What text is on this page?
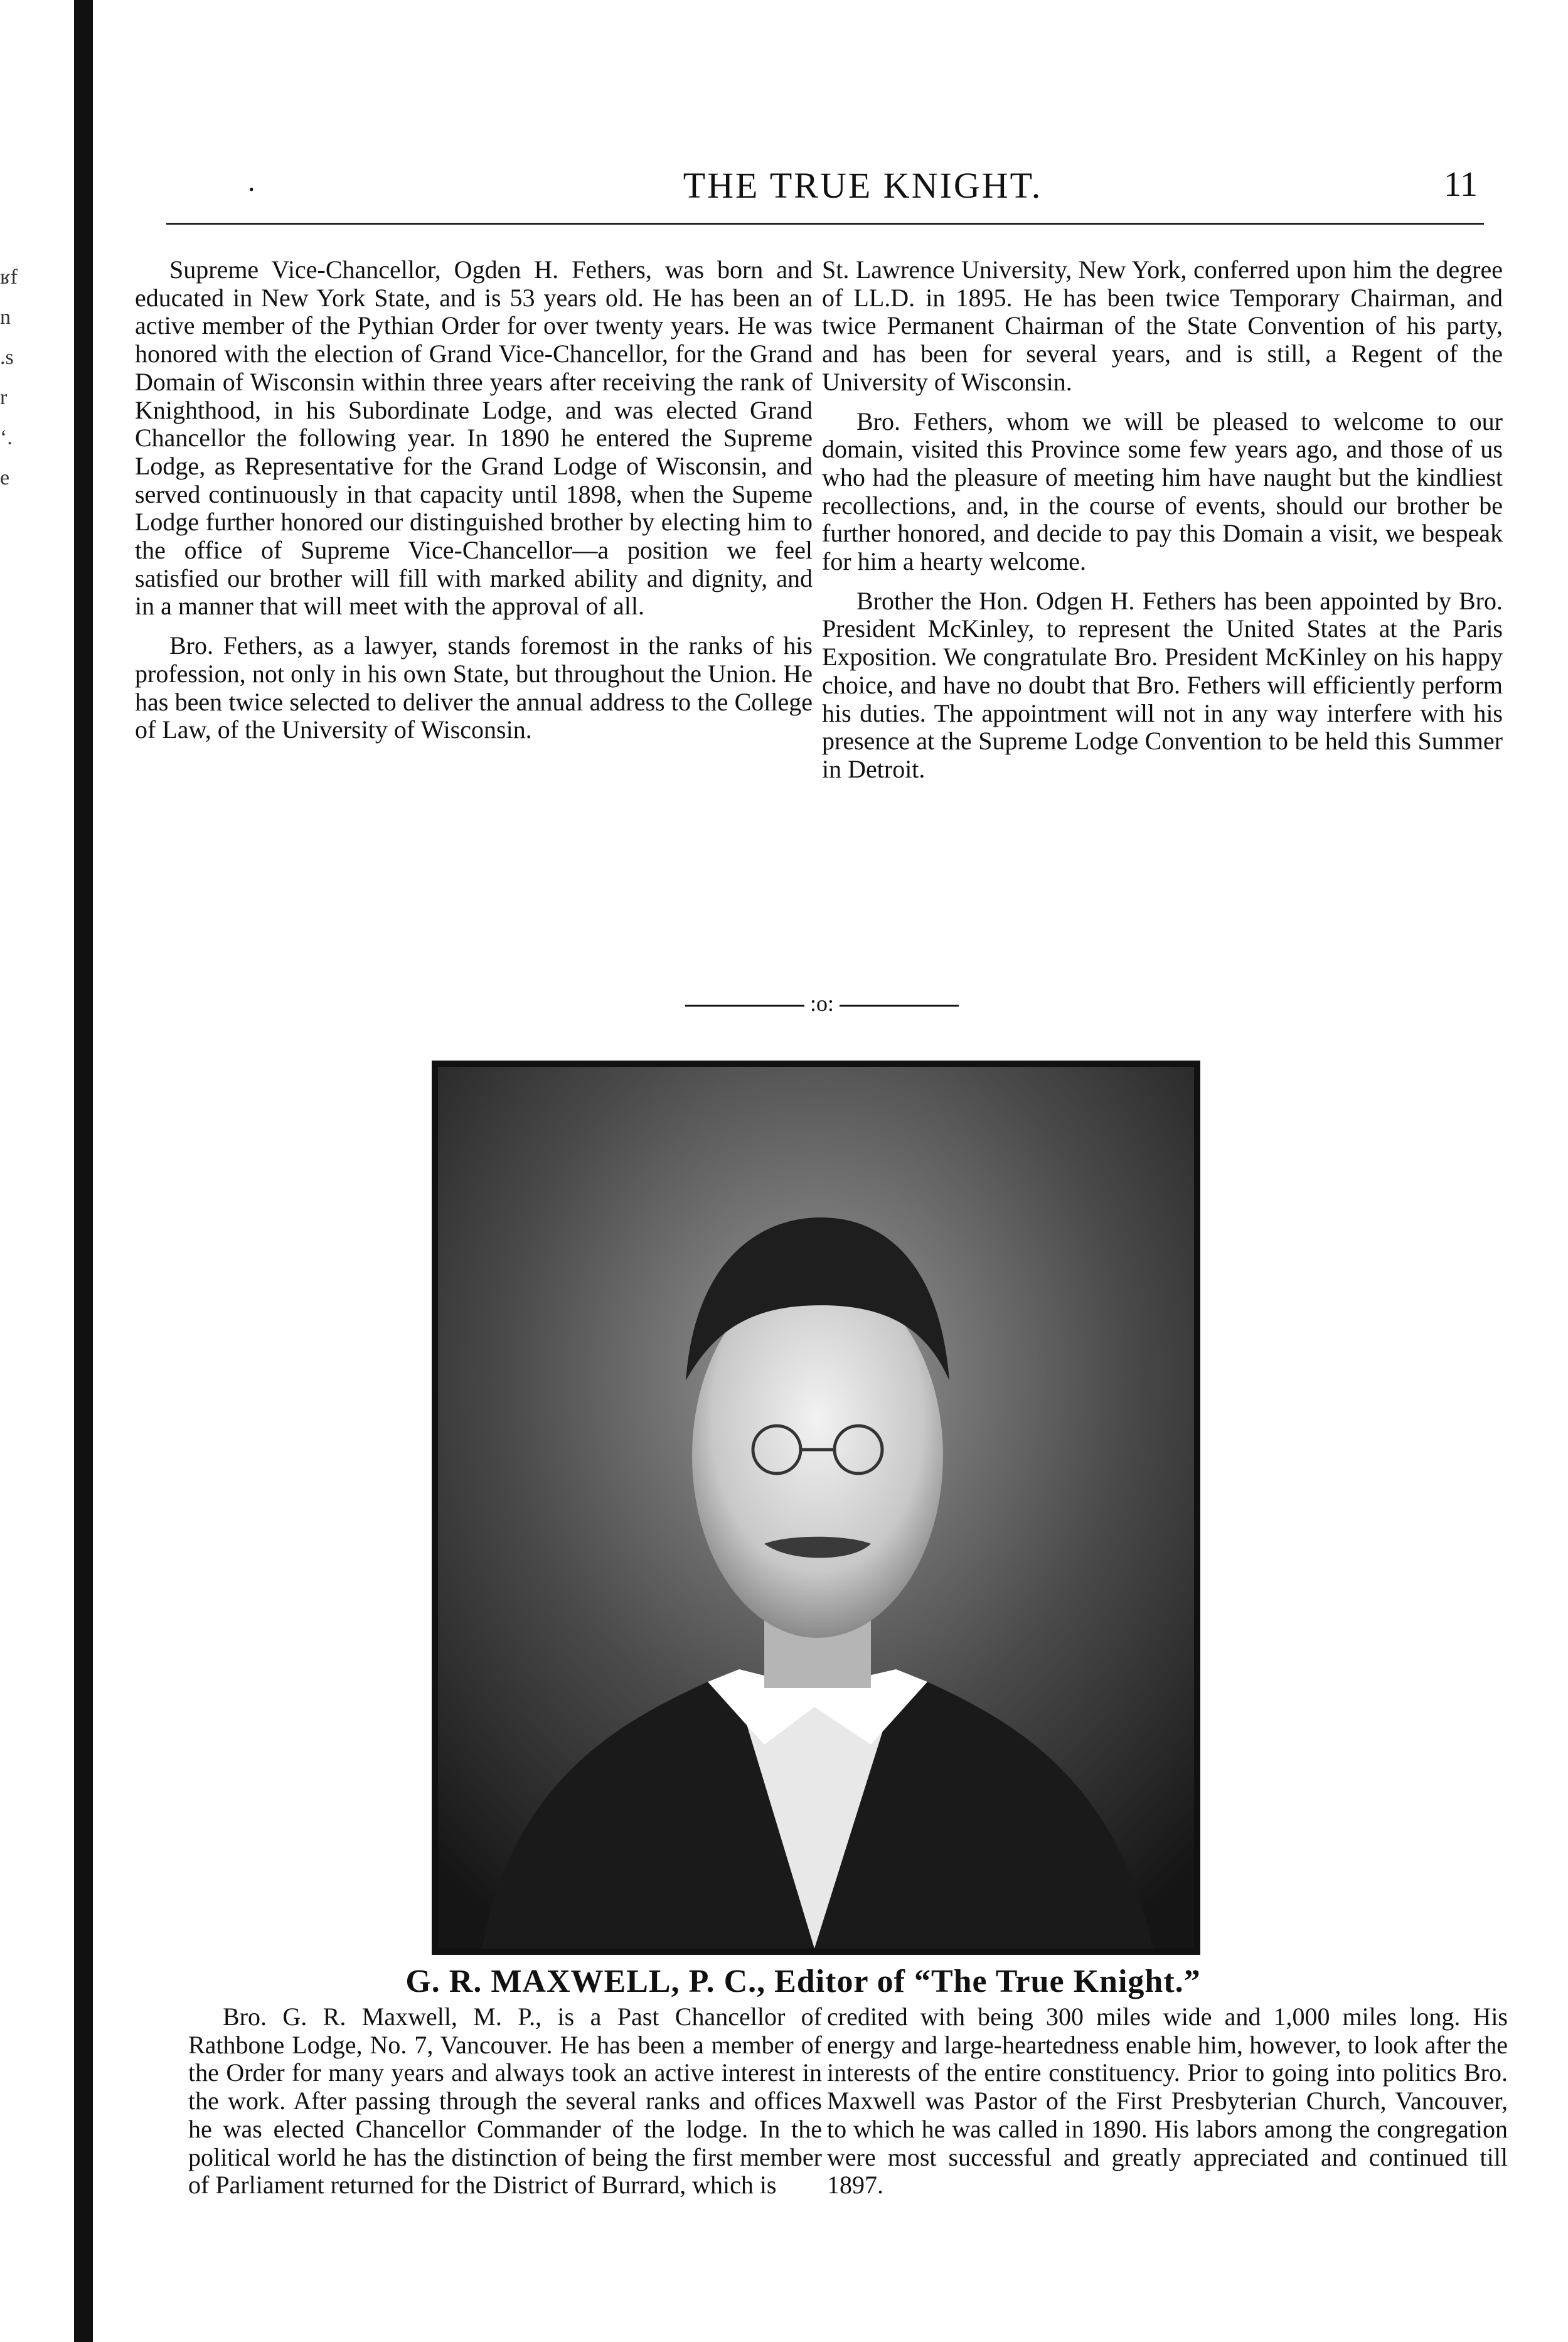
ʁf
n
.s
r
‘.
e
.	THE TRUE KNIGHT.	11

Supreme Vice-Chancellor, Ogden H. Fethers, was born and educated in New York State, and is 53 years old. He has been an active member of the Pythian Order for over twenty years. He was honored with the election of Grand Vice-Chancellor, for the Grand Domain of Wisconsin within three years after receiving the rank of Knighthood, in his Subordinate Lodge, and was elected Grand Chancellor the following year. In 1890 he entered the Supreme Lodge, as Representative for the Grand Lodge of Wisconsin, and served continuously in that capacity until 1898, when the Supeme Lodge further honored our distinguished brother by electing him to the office of Supreme Vice-Chancellor—a position we feel satisfied our brother will fill with marked ability and dignity, and in a manner that will meet with the approval of all.

Bro. Fethers, as a lawyer, stands foremost in the ranks of his profession, not only in his own State, but throughout the Union. He has been twice selected to deliver the annual address to the College of Law, of the University of Wisconsin.

St. Lawrence University, New York, conferred upon him the degree of LL.D. in 1895. He has been twice Temporary Chairman, and twice Permanent Chairman of the State Convention of his party, and has been for several years, and is still, a Regent of the University of Wisconsin.

Bro. Fethers, whom we will be pleased to welcome to our domain, visited this Province some few years ago, and those of us who had the pleasure of meeting him have naught but the kindliest recollections, and, in the course of events, should our brother be further honored, and decide to pay this Domain a visit, we bespeak for him a hearty welcome.

Brother the Hon. Odgen H. Fethers has been appointed by Bro. President McKinley, to represent the United States at the Paris Exposition. We congratulate Bro. President McKinley on his happy choice, and have no doubt that Bro. Fethers will efficiently perform his duties. The appointment will not in any way interfere with his presence at the Supreme Lodge Convention to be held this Summer in Detroit.

:o:
G. R. MAXWELL, P. C., Editor of “The True Knight.”

Bro. G. R. Maxwell, M. P., is a Past Chancellor of Rathbone Lodge, No. 7, Vancouver. He has been a member of the Order for many years and always took an active interest in the work. After passing through the several ranks and offices he was elected Chancellor Commander of the lodge. In the political world he has the distinction of being the first member of Parliament returned for the District of Burrard, which is

credited with being 300 miles wide and 1,000 miles long. His energy and large-heartedness enable him, however, to look after the interests of the entire constituency. Prior to going into politics Bro. Maxwell was Pastor of the First Presbyterian Church, Vancouver, to which he was called in 1890. His labors among the congregation were most successful and greatly appreciated and continued till 1897.
